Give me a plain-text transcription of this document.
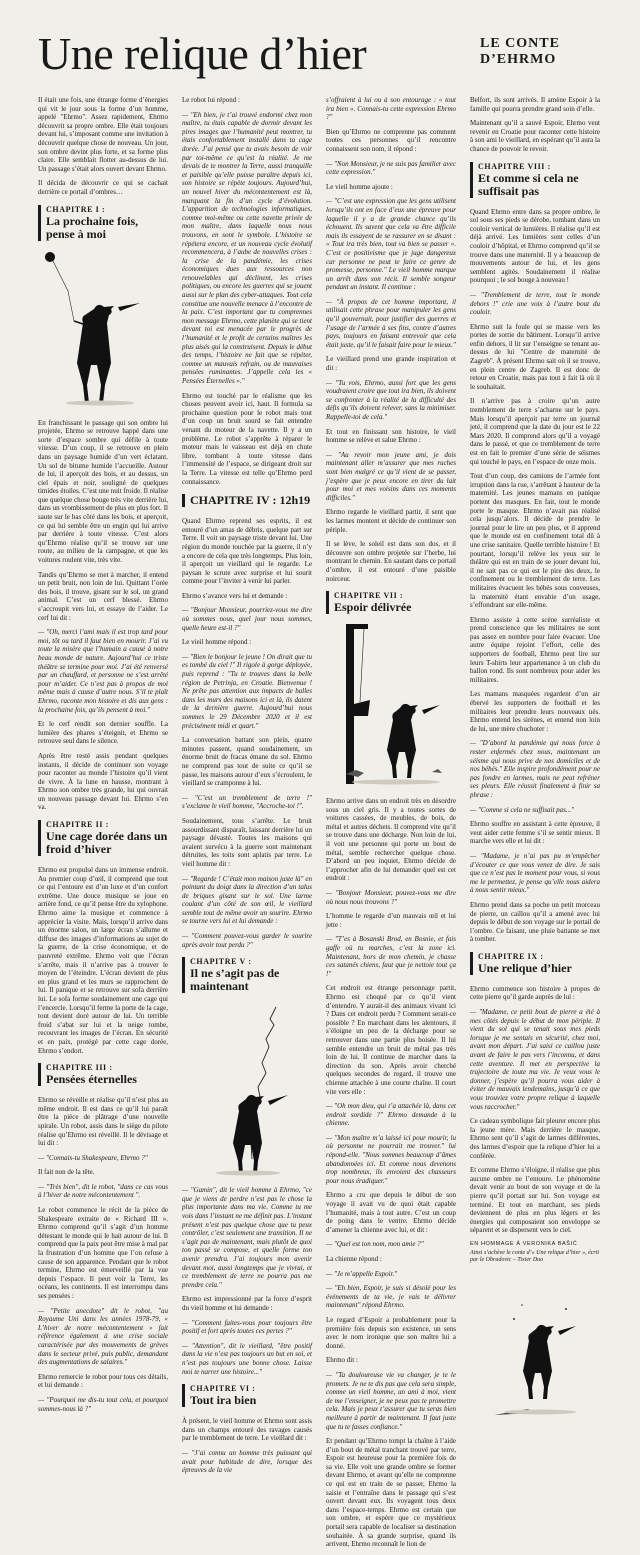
Une relique d’hier	LE CONTE
D’EHRMO

Il était une fois, une étrange forme d’énergies qui vit le jour sous la forme d’un homme, appelé "Ehrmo". Assez rapidement, Ehrmo découvrit sa propre ombre. Elle était toujours devant lui, s’imposant comme une invitation à découvrir quelque chose de nouveau. Un jour, son ombre devint plus forte, et sa forme plus claire. Elle semblait flotter au-dessus de lui. Un passage s’était alors ouvert devant Ehrmo.

Il décida de découvrir ce qui se cachait derrière ce portail d’ombres…

CHAPITRE I :
La prochaine fois, pense à moi

En franchissant le passage qui son ombre lui projetée, Ehrmo se retrouve happé dans une sorte d’espace sombre qui défile à toute vitesse. D’un coup, il se retrouve en plein dans un paysage humide d’un vert éclatant. Un sol de bitume humide l’accueille. Autour de lui, il aperçoit des bois, et au dessus, un ciel épais et noir, souligné de quelques timides étoiles. C’est une nuit froide. Il réalise que quelque chose bouge très vite derrière lui, dans un vrombissement de plus en plus fort. Il saute sur le bas côté dans les bois, et aperçoit, ce qui lui semble être un engin qui lui arrive par derrière à toute vitesse. C’est alors qu’Ehrmo réalise qu’il se trouve sur une route, au milieu de la campagne, et que les voitures roulent vite, très vite.

Tandis qu’Ehrmo se met à marcher, il entend un petit bruit, non loin de lui. Quittant l’orée des bois, il trouve, gisant sur le sol, un grand animal. C’est un cerf blessé. Ehrmo s’accroupit vers lui, et essaye de l’aider. Le cerf lui dit :

— "Oh, merci l’ami mais il est trop tard pour moi, tôt ou tard il faut bien en mourir. J’ai vu toute la misère que l’humain a causé à notre beau monde de nature. Aujourd’hui ce triste théâtre se termine pour moi. J’ai été renversé par un chauffard, et personne ne s’est arrêté pour m’aider. Ce n’est pas à propos de moi même mais à cause d’autre nous. S’il te plaît Ehrmo, raconte mon histoire et dis aux gens : la prochaine fois, qu’ils pensent à moi."

Et le cerf rendit son dernier souffle. La lumière des phares s’éteignit, et Ehrmo se retrouve seul dans le silence.

Après être resté assis pendant quelques instants, il décide de continuer son voyage pour raconter au monde l’histoire qu’il vient de vivre. À la lune en hausse, montrant à Ehrmo son ombre très grande, lui qui ouvrait un nouveau passage devant lui. Ehrmo s’en va.

CHAPITRE II :
Une cage dorée dans un froid d’hiver

Ehrmo est propulsé dans un immense endroit. Au premier coup d’œil, il comprend que tout ce qui l’entoure est d’un luxe et d’un confort extrême. Une douce musique se joue en arrière fond, ce qu’il pense être du xylophone. Ehrmo aime la musique et commence à apprécier la visite. Mais, lorsqu’il arrive dans un énorme salon, un large écran s’allume et diffuse des images d’informations au sujet de la guerre, de la crise économique, et de pauvreté extrême. Ehrmo voit que l’écran s’arrête, mais il n’arrive pas à trouver le moyen de l’éteindre. L’écran devient de plus en plus grand et les murs se rapprochent de lui. Il panique et se retrouve sur sofa derrière lui. Le sofa forme soudainement une cage qui l’encercle. Lorsqu’il ferme la porte de la cage, tout devient doré autour de lui. Un terrible froid s’abat sur lui et la neige tombe, recouvrant les images de l’écran. En sécurité et en paix, protégé par cette cage dorée, Ehrmo s’endort.

CHAPITRE III :
Pensées éternelles

Ehrmo se réveille et réalise qu’il n’est plus au même endroit. Il est dans ce qu’il lui paraît être la pièce de plâtrage d’une nouvelle spirale. Un robot, assis dans le siège du pilote réalise qu’Ehrmo est réveillé. Il le dévisage et lui dit :

— "Connais-tu Shakespeare, Ehrmo ?"

Il fait non de la tête.

— "Très bien", dit le robot, "dans ce cas vous à l’hiver de notre mécontentement ".

Le robot commence le récit de la pièce de Shakespeare extraite de « Richard III ». Ehrmo comprend qu’il s’agit d’un homme détestant le monde qui le hait autour de lui. Il comprend que la paix peut être mise à mal par la frustration d’un homme que l’on refuse à cause de son apparence. Pendant que le robot termine, Ehrmo est émerveillé par la vue depuis l’espace. Il peut voir la Terre, les océans, les continents. Il est interrompu dans ses pensées :

— "Petite anecdote" dit le robot, "au Royaume Uni dans les années 1978-79, « L’hiver de notre mécontentement » fait référence également à une crise sociale caractérisée par des mouvements de grèves dans le secteur privé, puis public, demandant des augmentations de salaires."

Ehrmo remercie le robot pour tous ces détails, et lui demande :

— "Pourquoi me dis-tu tout cela, et pourquoi sommes-nous là ?"

Le robot lui répond :

— "Eh bien, je t’ai trouvé endormi chez mon maître, tu étais capable de dormir devant les pires images que l’humanité peut montrer, tu étais confortablement installé dans ta cage dorée. J’ai pensé que tu avais besoin de voir par toi-même ce qu’est la réalité. Je me devais de te montrer la Terre, aussi tranquille et paisible qu’elle puisse paraître depuis ici, son histoire se répète toujours. Aujourd’hui, un nouvel hiver du mécontentement est là, marquant la fin d’un cycle d’évolution. L’apparition de technologies informatiques, comme moi-même ou cette navette privée de mon maître, dans laquelle nous nous trouvons, en sont le symbole. L’histoire se répétera encore, et un nouveau cycle évolutif recommencera, à l’aube de nouvelles crises : la crise de la pandémie, les crises économiques dues aux ressources non renouvelables qui déclinent, les crises politiques, ou encore les guerres qui se jouent aussi sur le plan des cyber-attaques. Tout cela constitue une nouvelle menace à l’encontre de la paix. C’est important que tu comprennes mon message Ehrmo, cette planète qui se tient devant toi est menacée par le progrès de l’humanité et le profit de certains maîtres les plus aisés qui la construisent. Depuis le début des temps, l’histoire ne fait que se répéter, comme un mauvais refrain, ou de mauvaises pensées ruminantes. J’appelle cela les « Pensées Éternelles »."

Ehrmo est touché par le réalisme que les choses peuvent avoir ici, haut. Il formula sa prochaine question pour le robot mais tout d’un coup un bruit sourd se fait entendre venant du moteur de la navette. Il y a un problème. Le robot s’apprête à réparer le moteur mais le vaisseau est déjà en chute libre, tombant à toute vitesse dans l’immensité de l’espace, se dirigeant droit sur la Terre. La vitesse est telle qu’Ehrmo perd connaissance.

CHAPITRE IV : 12h19

Quand Ehrmo reprend ses esprits, il est entouré d’un amas de débris, quelque part sur Terre. Il voit un paysage triste devant lui. Une région du monde touchée par la guerre, il n’y a encore de cela que très longtemps. Plus loin, il aperçoit un vieillard qui le regarde. Le paysan le scrute avec surprise et lui sourit comme pour l’inviter à venir lui parler.

Ehrmo s’avance vers lui et demande :

— "Bonjour Monsieur, pourriez-vous me dire où sommes nous, quel jour nous sommes, quelle heure est-il ?"

Le vieil homme répond :

— "Bien le bonjour le jeune ! On dirait que tu es tombé du ciel !" Il rigole à gorge déployée, puis reprend : "Tu te trouves dans la belle région de Petrinja, en Croatie. Bienvenue ! Ne prête pas attention aux impacts de balles dans les murs des maisons ici et là, ils datent de la dernière guerre. Aujourd’hui nous sommes le 29 Décembre 2020 et il est précisément midi et quart."

La conversation battant son plein, quatre minutes passent, quand soudainement, un énorme bruit de fracas émane du sol. Ehrmo ne comprend pas tout de suite ce qu’il se passe, les maisons autour d’eux s’écroulent, le vieillard se cramponne à lui.

— "C’est un tremblement de terre !" s’exclame le vieil homme, "Accroche-toi !".

Soudainement, tous s’arrête. Le bruit assourdissant disparaît, laissant derrière lui un paysage dévasté. Toutes les maisons qui avaient survécu à la guerre sont maintenant détruites, les toits sont aplatis par terre. Le vieil homme dit :

— "Regarde ! C’était mon maison juste là" en pointant du doigt dans la direction d’un talus de briques gisant sur le sol. Une larme coulant d’un côté de son œil, le vieillard semble tout de même avoir un sourire. Ehrmo se tourne vers lui et lui demande :

— "Comment pouvez-vous garder le sourire après avoir tout perdu ?"

CHAPITRE V :
Il ne s’agit pas de maintenant

— "Gamin", dit le vieil homme à Ehrmo, "ce que je viens de perdre n’est pas le chose la plus importante dans ma vie. Comme tu me vois dans l’instant ne me définit pas. L’instant présent n’est pas quelque chose que tu peux contrôler, c’est seulement une transition. Il ne s’agit pas de maintenant, mais plutôt de quoi ton passé se compose, et quelle forme ton avenir prendra. J’ai toujours mon avenir devant moi, aussi longtemps que je vivrai, et ce tremblement de terre ne pourra pas me prendre cela."

Ehrmo est impressionné par la force d’esprit du vieil homme et lui demande :

— "Comment faites-vous pour toujours être positif et fort après toutes ces pertes ?"

— "Attention", dit le vieillard, "être positif dans la vie n’est pas toujours un but en soi, et n’est pas toujours une bonne chose. Laisse moi te narrer une histoire..."

CHAPITRE VI :
Tout ira bien

À présent, le vieil homme et Ehrmo sont assis dans un champs entouré des ravages causés par le tremblement de terre. Le vieillard dit :

— "J’ai connu un homme très puissant qui avait pour habitude de dire, lorsque des épreuves de la vie

s’offraient à lui ou à son entourage : « tout ira bien ». Connais-tu cette expression Ehrmo ?"

Bien qu’Ehrmo ne comprenne pas comment toutes ces personnes qu’il rencontre connaissent son nom, il répond :

— "Non Monsieur, je ne suis pas familier avec cette expression."

Le vieil homme ajoute :

— "C’est une expression que les gens utilisent lorsqu’ils ont en face d’eux une épreuve pour laquelle il y a de grande chance qu’ils échouent. Ils savent que cela va être difficile mais ils essayent de se rassurer en se disant : « Tout ira très bien, tout va bien se passer ». C’est ce positivisme que je juge dangereux car personne ne peut te faire ce genre de promesse, personne." Le vieil homme marque un arrêt dans son récit. Il semble songeur pendant un instant. Il continue :

— "À propos de cet homme important, il utilisait cette phrase pour manipuler les gens qu’il gouvernait, pour justifier des guerres et l’usage de l’armée à ses fins, contre d’autres pays, toujours en faisant entrevoir que cela était juste, qu’il le faisait faire pour le mieux."

Le vieillard prend une grande inspiration et dit :

— "Tu vois, Ehrmo, aussi fort que les gens voudraient croire que tout ira bien, ils doivent se confronter à la réalité de la difficulté des défis qu’ils doivent relever, sans la minimiser. Rappelle-toi de cela."

Et tout en finissant son histoire, le vieil homme se relève et salue Ehrmo :

— "Au revoir mon jeune ami, je dois maintenant aller m’assurer que mes ruches sont bien malgré ce qu’il vient de se passer, j’espère que je peux encore en tirer du lait pour moi et mes voisins dans ces moments difficiles."

Ehrmo regarde le vieillard partir, il sent que les larmes montent et décide de continuer son périple.

Il se lève, le soleil est dans son dos, et il découvre son ombre projetée sur l’herbe, lui montrant le chemin. En sautant dans ce portail d’ombre, il est entouré d’une paisible noirceur.

CHAPITRE VII :
Espoir délivrée

Ehrmo arrive dans un endroit très en désordre sous un ciel gris. Il y a toutes sortes de voitures cassées, de meubles, de bois, de métal et autres déchets. Il comprend vite qu’il se trouve dans une décharge. Non loin de lui, il voit une personne qui porte un bout de métal, semble rechercher quelque chose. D’abord un peu inquiet, Ehrmo décide de l’approcher afin de lui demander quel est cet endroit :

— "Bonjour Monsieur, pouvez-vous me dire où nous nous trouvons ?"

L’homme le regarde d’un mauvais œil et lui jette :

— "T’es à Bosanski Brod, en Bosnie, et fais gaffe où tu marches, c’est la zone ici. Maintenant, hors de mon chemin, je chasse ces satanés chiens, faut que je nettoie tout ça !"

Cet endroit est étrange personnage partit, Ehrmo est choqué par ce qu’il vient d’entendre. Y aurait-il des animaux vivant ici ? Dans cet endroit perdu ? Comment serait-ce possible ? En marchant dans les alentours, il s’éloigne un peu de la décharge pour se retrouver dans une partie plus boisée. Il lui semble entendre un bruit de métal pas très loin de lui. Il continue de marcher dans la direction du son. Après avoir cherché quelques secondes de regard, il trouve une chienne attachée à une courte chaîne. Il court vite vers elle :

— "Oh mon dieu, qui t’a attachée là, dans cet endroit sordide ?" Ehrmo demande à la chienne.

— "Mon maître m’a laissé ici pour mourir, lu où personne ne pourrait me trouver." lui répond-elle. "Nous sommes beaucoup d’âmes abandonnées ici. Et comme nous devenons trop nombreux, ils envoient des chasseurs pour nous éradiquer."

Ehrmo a cru que depuis le début de son voyage il avait vu de quoi était capable l’humanité, mais à tout autre. C’est un coup de poing dans le ventre. Ehrmo décide d’amener la chienne avec lui, et dit :

— "Quel est ton nom, mon amie ?"

La chienne répond :

— "Je m’appelle Espoir."

— "Eh bien, Espoir, je suis si désolé pour les événements de ta vie, je vais te délivrer maintenant" répond Ehrmo.

Le regard d’Espoir a probablement pour la première fois depuis son existence, un sens avec le nom ironique que son maître lui a donné.

Ehrmo dit :

— "Ta douloureuse vie va changer, je te le promets. Je ne te dis pas que cela sera simple, comme un vieil homme, un ami à moi, vient de me l’enseigner, je ne peux pas te promettre cela. Mais je peux t’assurer que tu seras bien meilleure à partir de maintenant. Il faut juste que tu te fasses confiance."

Et pendant qu’Ehrmo tompt la chaîne à l’aide d’un bout de métal tranchant trouvé par terre, Espoir est heureuse pour la première fois de sa vie. Elle voit une grande ombre se former devant Ehrmo, et avant qu’elle ne comprenne ce qui est en train de se passer, Ehrmo la saisie et l’entraîne dans le passage qui s’est ouvert devant eux. Ils voyagent tous deux dans l’espace-temps. Ehrmo est certain que son ombre, et espère que ce mystérieux portail sera capable de localiser sa destination souhaitée. À sa grande surprise, quand ils arrivent, Ehrmo reconnaît le lion de

Belfort, ils sont arrivés. Il amène Espoir à la famille qui pourra prendre grand soin d’elle.

Maintenant qu’il a sauvé Espoir, Ehrmo veut revenir en Croatie pour raconter cette histoire à son ami le vieillard, en espérant qu’il aura la chance de pouvoir le revoir.

CHAPITRE VIII :
Et comme si cela ne suffisait pas

Quand Ehrmo entre dans sa propre ombre, le sol sous ses pieds se dérobe, tombant dans un couloir vertical de lumières. Il réalise qu’il est déjà arrivé. Les lumières sont celles d’un couloir d’hôpital, et Ehrmo comprend qu’il se trouve dans une maternité. Il y a beaucoup de mouvements autour de lui, et les gens semblent agités. Soudainement il réalise pourquoi ; le sol bouge à nouveau !

— "Tremblement de terre, tout le monde dehors !" crie une voix à l’autre bout du couloir.

Ehrmo suit la foule qui se masse vers les portes de sortie du bâtiment. Lorsqu’il arrive enfin dehors, il lit sur l’enseigne se tenant au-dessus de lui "Centre de maternité de Zagreb". À présent Ehrmo sait où il se trouve, en plein centre de Zagreb. Il est donc de retour en Croatie, mais pas tout à fait là où il le souhaitait.

Il n’arrive pas à croire qu’un autre tremblement de terre s’acharne sur le pays. Mais lorsqu’il aperçoit par terre un journal jeté, il comprend que la date du jour est le 22 Mars 2020. Il comprend alors qu’il a voyagé dans le passé, et que ce tremblement de terre est en fait le premier d’une série de séismes qui touché le pays, en l’espace de onze mois.

Tout d’un coup, des camions de l’armée font irruption dans la rue, s’arrêtant à hauteur de la maternité. Les jeunes mamans en panique portent des masques. En fait, tout le monde porte le masque. Ehrmo n’avait pas réalisé cela jusqu’alors. Il décide de prendre le journal pour le lire un peu plus, et il apprend que le monde est en confinement total dû à une crise sanitaire. Quelle terrible histoire ! Et pourtant, lorsqu’il relève les yeux sur le théâtre qui est en train de se jouer devant lui, il ne sait pas ce qui est le pire des deux, le confinement ou le tremblement de terre. Les militaires évacuent les bébés sous couveuses, la maternité étant envahie d’un usage, s’effondrant sur elle-même.

Ehrmo assiste à cette scène surréaliste et prend conscience que les militaires ne sont pas assez en nombre pour faire évacuer. Une autre équipe rejoint l’effort, celle des supporters de football, Ehrmo peut lire sur leurs T-shirts leur appartenance à un club du ballon rond. Ils sont nombreux pour aider les militaires.

Les mamans masquées regardent d’un air ébervé les supporters de football et les militaires leur prendre leurs nouveaux nés. Ehrmo entend les sirènes, et entend non loin de lui, une mère chuchoter :

— "D’abord la pandémie qui nous force à rester enfermés chez nous, maintenant un séisme qui nous prive de nos domiciles et de nos bébés." Elle inspire profondément pour ne pas fondre en larmes, mais ne peut refréner ses pleurs. Elle réussit finalement à finir sa phrase :

— "Comme si cela ne suffisait pas..."

Ehrmo souffre en assistant à cette épreuve, il veut aider cette femme s’il se sentir mieux. Il marche vers elle et lui dit :

— "Madame, je n’ai pas pu m’empêcher d’écouter ce que vous venez de dire. Je sais que ce n’est pas le moment pour vous, si vous me le permettez, je pense qu’elle nous aidera à nous sentir mieux."

Ehrmo prend dans sa poche un petit morceau de pierre, un caillou qu’il a amené avec lui depuis le début de son voyage sur le portail de l’ombre. Ce faisant, une pluie battante se met à tomber.

CHAPITRE IX :
Une relique d’hier

Ehrmo commence son histoire à propos de cette pierre qu’il garde auprès de lui :

— "Madame, ce petit bout de pierre a été à mes côtés depuis le début de mon périple. Il vient du sol qui se tenait sous mes pieds lorsque je me sentais en sécurité, chez moi, avant mon départ. J’ai saisi ce caillou juste avant de faire le pas vers l’inconnu, et dans cette aventure. Il met en perspective la trajectoire de toute ma vie. Je veux vous le donner, j’espère qu’il pourra vous aider à éviter de mauvais lendemains, jusqu’à ce que vous trouviez votre propre relique à laquelle vous raccrocher."

Ce cadeau symbolique fait pleurer encore plus la jeune mère. Mais derrière le masque, Ehrmo sent qu’il s’agit de larmes différentes, des larmes d’espoir que la relique d’hier lui a conférée.

Et comme Ehrmo s’éloigne, il réalise que plus aucune ombre ne l’entoure. Le phénomène devait venir au bout de son voyage et de la pierre qu’il portait sur lui. Son voyage est terminé. Et tout en marchant, ses pieds deviennent de plus en plus légers et les énergies qui composaient son enveloppe se séparent et se dispersent vers le ciel.

EN HOMMAGE À VERONIKA BAŠIĆ

Ainsi s’achève le conte d’« Une relique d’hier », écrit par le Obradovic – Tixier Duo
